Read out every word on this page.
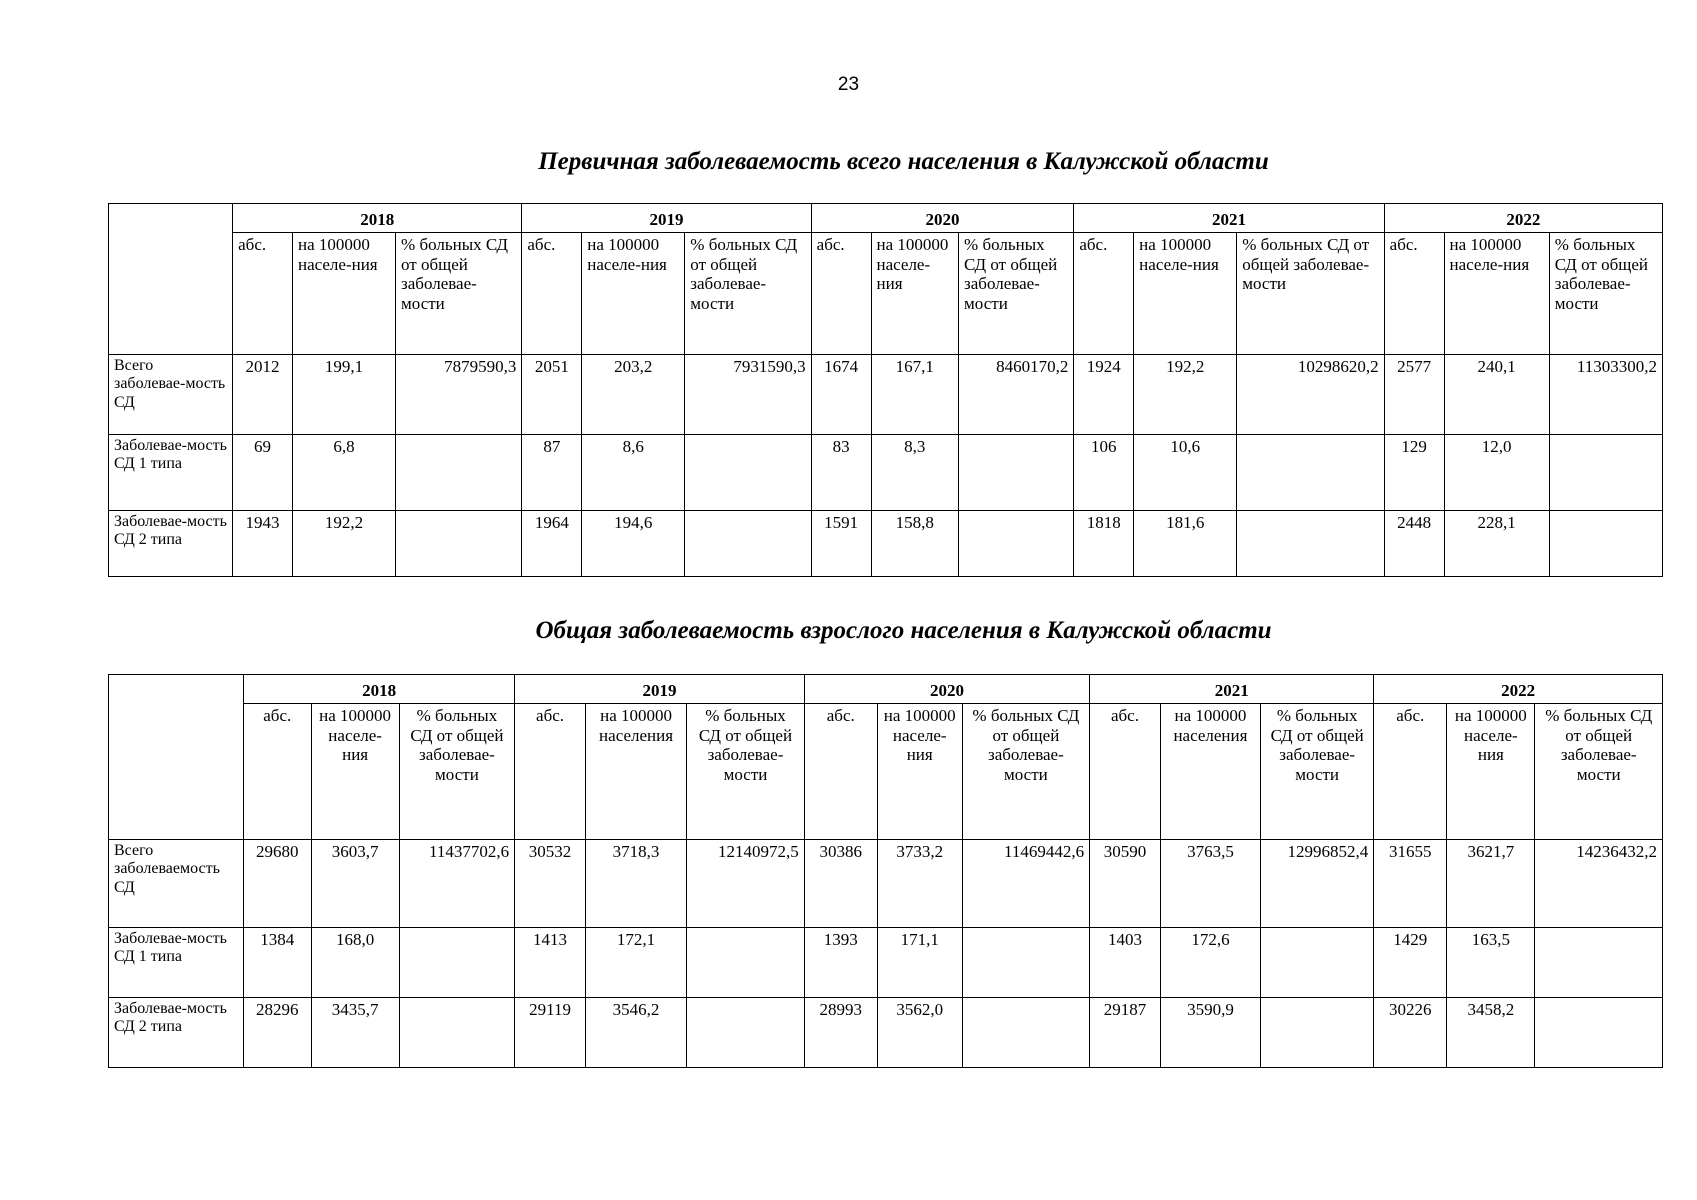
23
Первичная заболеваемость всего населения в Калужской области
	2018			2019			2020			2021			2022		
	абс.	на 100000 населе-ния	% больных СД от общей заболевае-мости	абс.	на 100000 населе-ния	% больных СД от общей заболевае-мости	абс.	на 100000 населе-ния	% больных СД от общей заболевае-мости	абс.	на 100000 населе-ния	% больных СД от общей заболевае-мости	абс.	на 100000 населе-ния	% больных СД от общей заболевае-мости
Всего заболевае-мость СД	2012	199,1	7879590,3	2051	203,2	7931590,3	1674	167,1	8460170,2	1924	192,2	10298620,2	2577	240,1	11303300,2
Заболевае-мость СД 1 типа	69	6,8		87	8,6		83	8,3		106	10,6		129	12,0	
Заболевае-мость СД 2 типа	1943	192,2		1964	194,6		1591	158,8		1818	181,6		2448	228,1	
Общая заболеваемость взрослого населения в Калужской области
	2018			2019			2020			2021			2022		
	абс.	на 100000 населе-ния	% больных СД от общей заболевае-мости	абс.	на 100000 населения	% больных СД от общей заболевае-мости	абс.	на 100000 населе-ния	% больных СД от общей заболевае-мости	абс.	на 100000 населения	% больных СД от общей заболевае-мости	абс.	на 100000 населе-ния	% больных СД от общей заболевае-мости
Всего заболеваемость СД	29680	3603,7	11437702,6	30532	3718,3	12140972,5	30386	3733,2	11469442,6	30590	3763,5	12996852,4	31655	3621,7	14236432,2
Заболевае-мость СД 1 типа	1384	168,0		1413	172,1		1393	171,1		1403	172,6		1429	163,5	
Заболевае-мость СД 2 типа	28296	3435,7		29119	3546,2		28993	3562,0		29187	3590,9		30226	3458,2	
